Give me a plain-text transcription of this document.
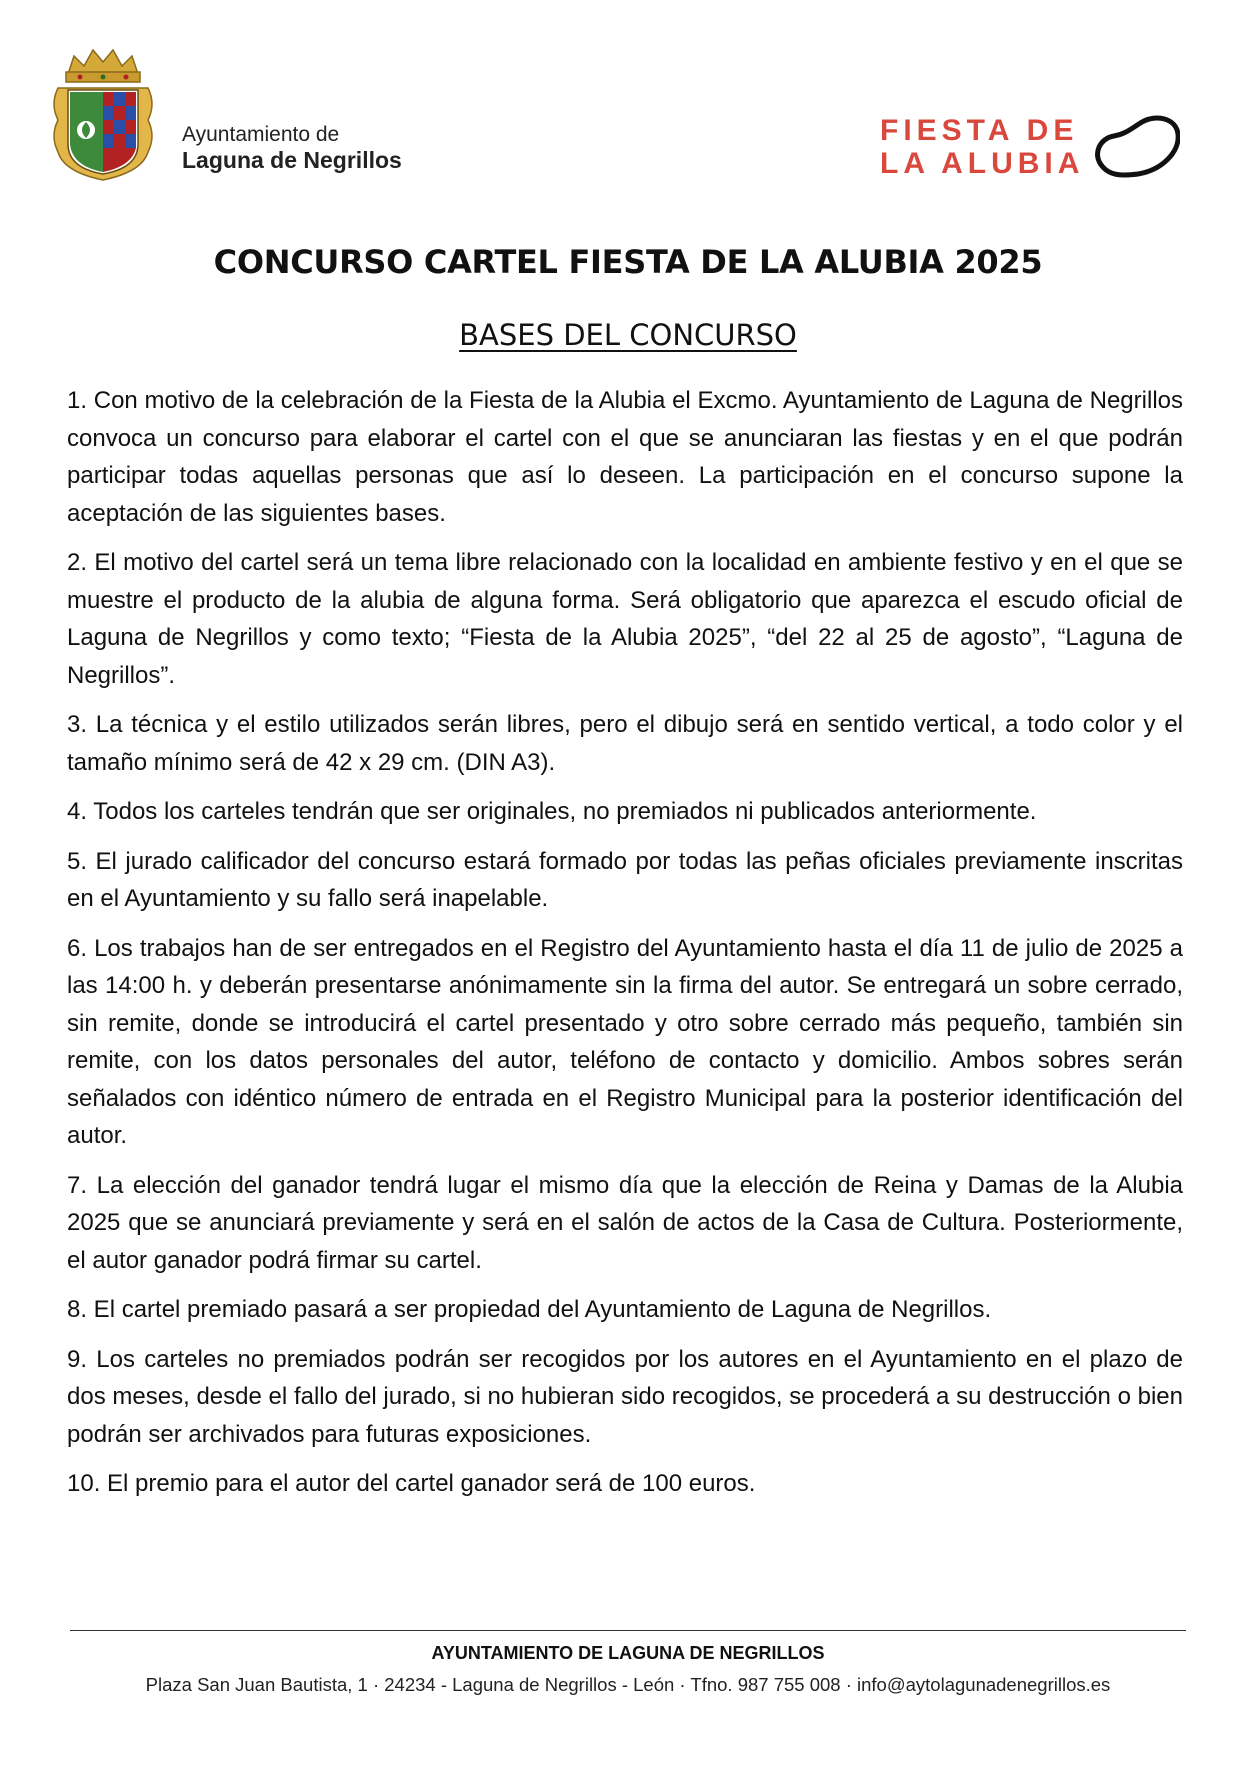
Ayuntamiento de
Laguna de Negrillos
FIESTA DE
LA ALUBIA
CONCURSO CARTEL FIESTA DE LA ALUBIA 2025
BASES DEL CONCURSO

1. Con motivo de la celebración de la Fiesta de la Alubia el Excmo. Ayuntamiento de Laguna de Negrillos convoca un concurso para elaborar el cartel con el que se anunciaran las fiestas y en el que podrán participar todas aquellas personas que así lo deseen. La participación en el concurso supone la aceptación de las siguientes bases.

2. El motivo del cartel será un tema libre relacionado con la localidad en ambiente festivo y en el que se muestre el producto de la alubia de alguna forma. Será obligatorio que aparezca el escudo oficial de Laguna de Negrillos y como texto; “Fiesta de la Alubia 2025”, “del 22 al 25 de agosto”, “Laguna de Negrillos”.

3. La técnica y el estilo utilizados serán libres, pero el dibujo será en sentido vertical, a todo color y el tamaño mínimo será de 42 x 29 cm. (DIN A3).

4. Todos los carteles tendrán que ser originales, no premiados ni publicados anteriormente.

5. El jurado calificador del concurso estará formado por todas las peñas oficiales previamente inscritas en el Ayuntamiento y su fallo será inapelable.

6. Los trabajos han de ser entregados en el Registro del Ayuntamiento hasta el día 11 de julio de 2025 a las 14:00 h. y deberán presentarse anónimamente sin la firma del autor. Se entregará un sobre cerrado, sin remite, donde se introducirá el cartel presentado y otro sobre cerrado más pequeño, también sin remite, con los datos personales del autor, teléfono de contacto y domicilio. Ambos sobres serán señalados con idéntico número de entrada en el Registro Municipal para la posterior identificación del autor.

7. La elección del ganador tendrá lugar el mismo día que la elección de Reina y Damas de la Alubia 2025 que se anunciará previamente y será en el salón de actos de la Casa de Cultura. Posteriormente, el autor ganador podrá firmar su cartel.

8. El cartel premiado pasará a ser propiedad del Ayuntamiento de Laguna de Negrillos.

9. Los carteles no premiados podrán ser recogidos por los autores en el Ayuntamiento en el plazo de dos meses, desde el fallo del jurado, si no hubieran sido recogidos, se procederá a su destrucción o bien podrán ser archivados para futuras exposiciones.

10. El premio para el autor del cartel ganador será de 100 euros.

AYUNTAMIENTO DE LAGUNA DE NEGRILLOS
Plaza San Juan Bautista, 1 · 24234 - Laguna de Negrillos - León · Tfno. 987 755 008 · info@aytolagunadenegrillos.es
